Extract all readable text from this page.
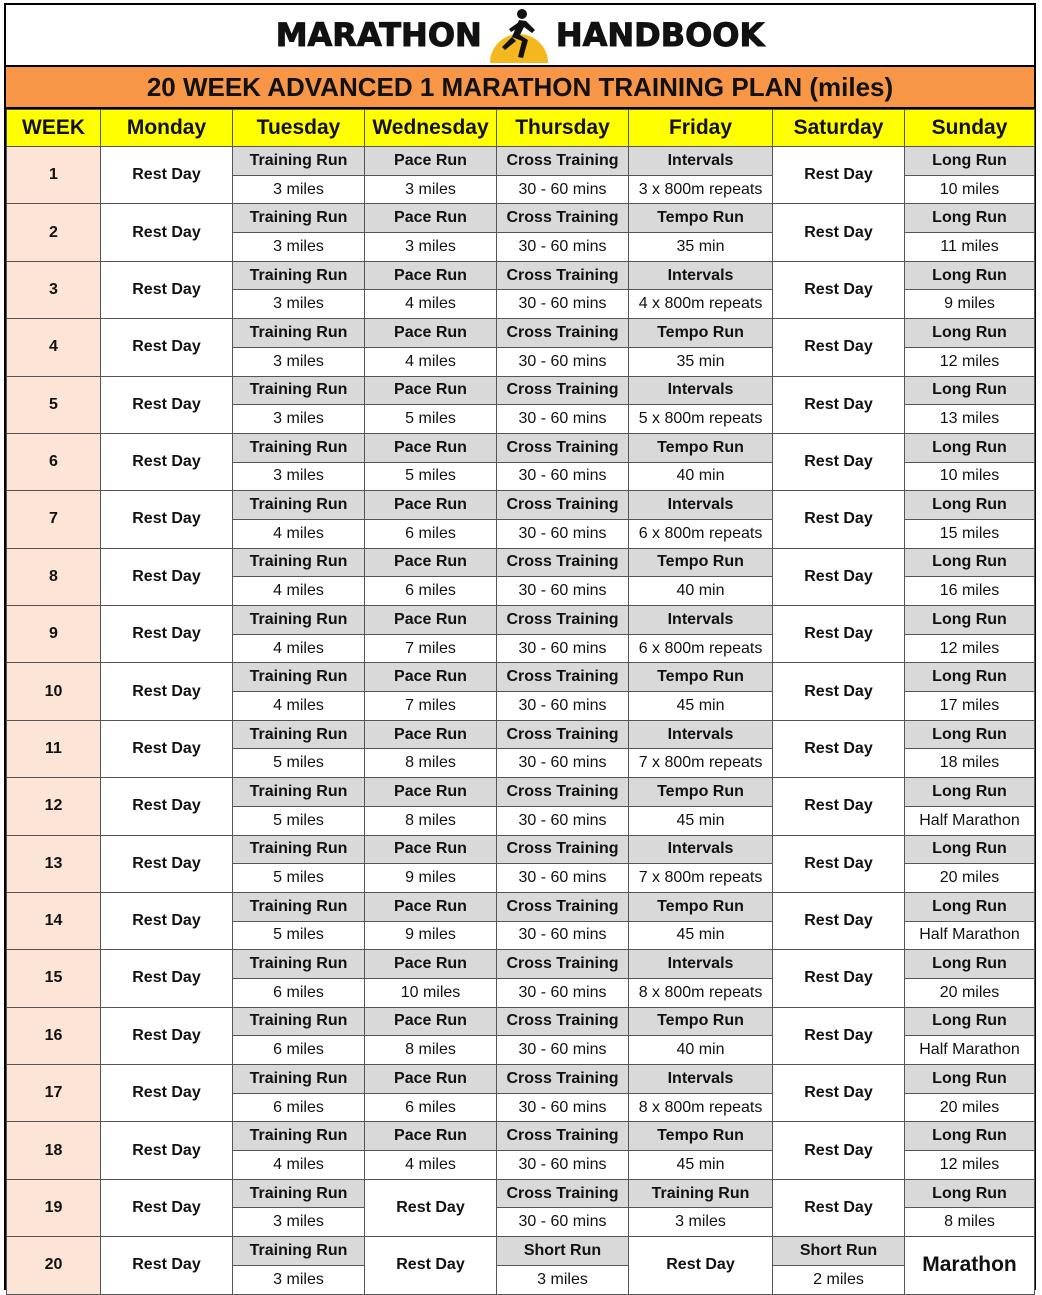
MARATHON HANDBOOK
20 WEEK ADVANCED 1 MARATHON TRAINING PLAN (miles)
WEEK	Monday	Tuesday	Wednesday	Thursday	Friday	Saturday	Sunday
1	Rest Day	Training Run	Pace Run	Cross Training	Intervals	Rest Day	Long Run
		3 miles	3 miles	30 - 60 mins	3 x 800m repeats		10 miles
2	Rest Day	Training Run	Pace Run	Cross Training	Tempo Run	Rest Day	Long Run
		3 miles	3 miles	30 - 60 mins	35 min		11 miles
3	Rest Day	Training Run	Pace Run	Cross Training	Intervals	Rest Day	Long Run
		3 miles	4 miles	30 - 60 mins	4 x 800m repeats		9 miles
4	Rest Day	Training Run	Pace Run	Cross Training	Tempo Run	Rest Day	Long Run
		3 miles	4 miles	30 - 60 mins	35 min		12 miles
5	Rest Day	Training Run	Pace Run	Cross Training	Intervals	Rest Day	Long Run
		3 miles	5 miles	30 - 60 mins	5 x 800m repeats		13 miles
6	Rest Day	Training Run	Pace Run	Cross Training	Tempo Run	Rest Day	Long Run
		3 miles	5 miles	30 - 60 mins	40 min		10 miles
7	Rest Day	Training Run	Pace Run	Cross Training	Intervals	Rest Day	Long Run
		4 miles	6 miles	30 - 60 mins	6 x 800m repeats		15 miles
8	Rest Day	Training Run	Pace Run	Cross Training	Tempo Run	Rest Day	Long Run
		4 miles	6 miles	30 - 60 mins	40 min		16 miles
9	Rest Day	Training Run	Pace Run	Cross Training	Intervals	Rest Day	Long Run
		4 miles	7 miles	30 - 60 mins	6 x 800m repeats		12 miles
10	Rest Day	Training Run	Pace Run	Cross Training	Tempo Run	Rest Day	Long Run
		4 miles	7 miles	30 - 60 mins	45 min		17 miles
11	Rest Day	Training Run	Pace Run	Cross Training	Intervals	Rest Day	Long Run
		5 miles	8 miles	30 - 60 mins	7 x 800m repeats		18 miles
12	Rest Day	Training Run	Pace Run	Cross Training	Tempo Run	Rest Day	Long Run
		5 miles	8 miles	30 - 60 mins	45 min		Half Marathon
13	Rest Day	Training Run	Pace Run	Cross Training	Intervals	Rest Day	Long Run
		5 miles	9 miles	30 - 60 mins	7 x 800m repeats		20 miles
14	Rest Day	Training Run	Pace Run	Cross Training	Tempo Run	Rest Day	Long Run
		5 miles	9 miles	30 - 60 mins	45 min		Half Marathon
15	Rest Day	Training Run	Pace Run	Cross Training	Intervals	Rest Day	Long Run
		6 miles	10 miles	30 - 60 mins	8 x 800m repeats		20 miles
16	Rest Day	Training Run	Pace Run	Cross Training	Tempo Run	Rest Day	Long Run
		6 miles	8 miles	30 - 60 mins	40 min		Half Marathon
17	Rest Day	Training Run	Pace Run	Cross Training	Intervals	Rest Day	Long Run
		6 miles	6 miles	30 - 60 mins	8 x 800m repeats		20 miles
18	Rest Day	Training Run	Pace Run	Cross Training	Tempo Run	Rest Day	Long Run
		4 miles	4 miles	30 - 60 mins	45 min		12 miles
19	Rest Day	Training Run	Rest Day	Cross Training	Training Run	Rest Day	Long Run
		3 miles		30 - 60 mins	3 miles		8 miles
20	Rest Day	Training Run	Rest Day	Short Run	Rest Day	Short Run	Marathon
		3 miles		3 miles		2 miles	
